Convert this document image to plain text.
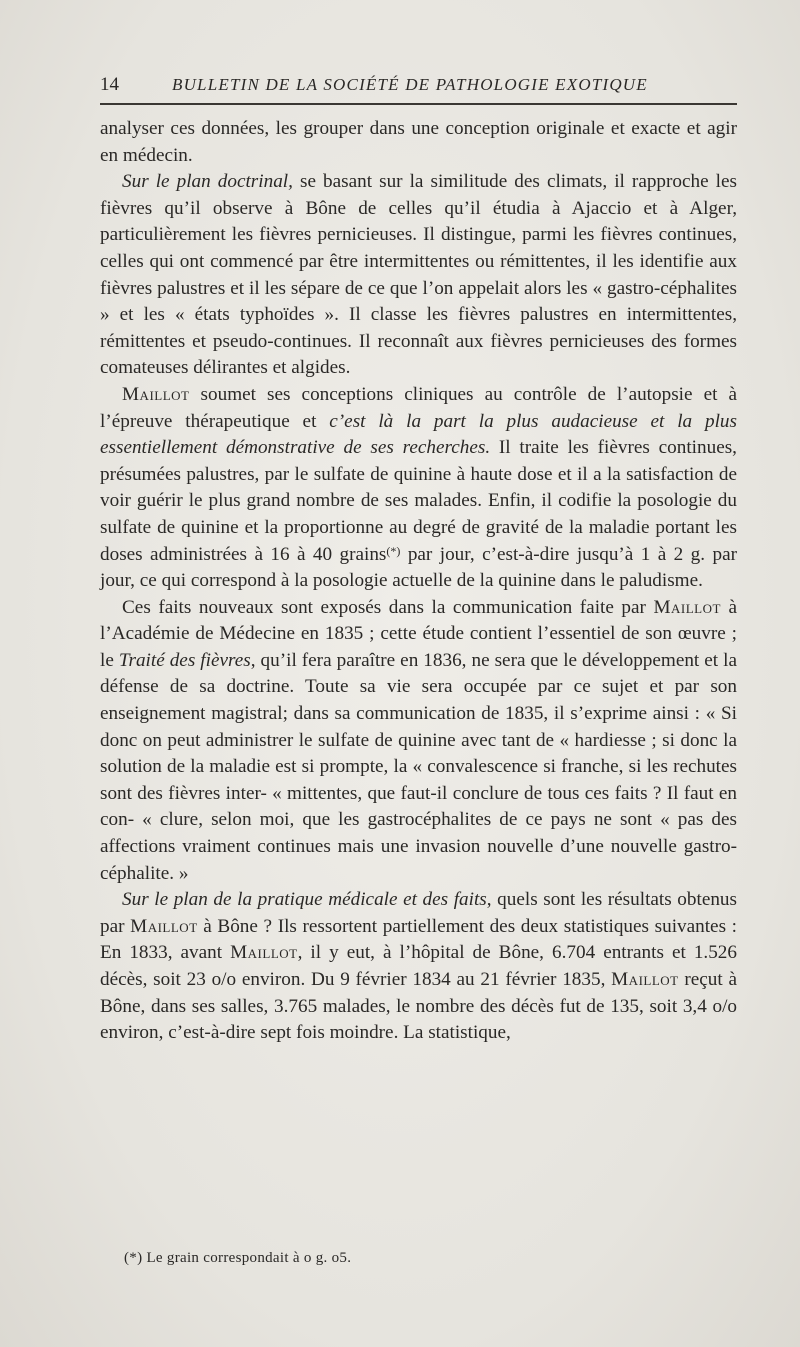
14	BULLETIN DE LA SOCIÉTÉ DE PATHOLOGIE EXOTIQUE

analyser ces données, les grouper dans une conception originale et exacte et agir en médecin.

Sur le plan doctrinal, se basant sur la similitude des climats, il rapproche les fièvres qu’il observe à Bône de celles qu’il étudia à Ajaccio et à Alger, particulièrement les fièvres pernicieuses. Il distingue, parmi les fièvres continues, celles qui ont commencé par être intermittentes ou rémittentes, il les identifie aux fièvres palustres et il les sépare de ce que l’on appelait alors les « gastro-céphalites » et les « états typhoïdes ». Il classe les fièvres palustres en intermittentes, rémittentes et pseudo-continues. Il reconnaît aux fièvres pernicieuses des formes comateuses délirantes et algides.

Maillot soumet ses conceptions cliniques au contrôle de l’autopsie et à l’épreuve thérapeutique et c’est là la part la plus audacieuse et la plus essentiellement démonstrative de ses recherches. Il traite les fièvres continues, présumées palustres, par le sulfate de quinine à haute dose et il a la satisfaction de voir guérir le plus grand nombre de ses malades. Enfin, il codifie la posologie du sulfate de quinine et la proportionne au degré de gravité de la maladie portant les doses administrées à 16 à 40 grains(*) par jour, c’est-à-dire jusqu’à 1 à 2 g. par jour, ce qui correspond à la posologie actuelle de la quinine dans le paludisme.

Ces faits nouveaux sont exposés dans la communication faite par Maillot à l’Académie de Médecine en 1835 ; cette étude contient l’essentiel de son œuvre ; le Traité des fièvres, qu’il fera paraître en 1836, ne sera que le développement et la défense de sa doctrine. Toute sa vie sera occupée par ce sujet et par son enseignement magistral; dans sa communication de 1835, il s’exprime ainsi : « Si donc on peut administrer le sulfate de quinine avec tant de « hardiesse ; si donc la solution de la maladie est si prompte, la « convalescence si franche, si les rechutes sont des fièvres inter- « mittentes, que faut-il conclure de tous ces faits ? Il faut en con- « clure, selon moi, que les gastrocéphalites de ce pays ne sont « pas des affections vraiment continues mais une invasion nouvelle d’une nouvelle gastro-céphalite. »

Sur le plan de la pratique médicale et des faits, quels sont les résultats obtenus par Maillot à Bône ? Ils ressortent partiellement des deux statistiques suivantes : En 1833, avant Maillot, il y eut, à l’hôpital de Bône, 6.704 entrants et 1.526 décès, soit 23 o/o environ. Du 9 février 1834 au 21 février 1835, Maillot reçut à Bône, dans ses salles, 3.765 malades, le nombre des décès fut de 135, soit 3,4 o/o environ, c’est-à-dire sept fois moindre. La statistique,

(*) Le grain correspondait à o g. o5.
